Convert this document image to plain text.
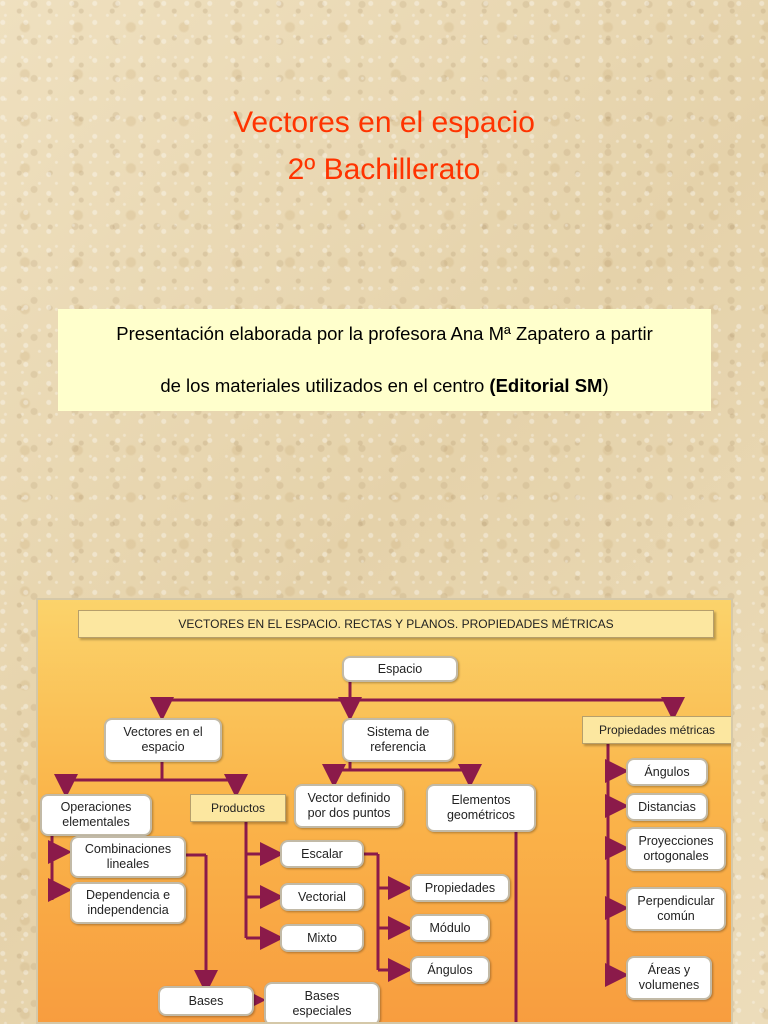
Vectores en el espacio
2º Bachillerato
Presentación elaborada por la profesora Ana Mª Zapatero a partir
de los materiales utilizados en el centro (Editorial SM)
VECTORES EN EL ESPACIO. RECTAS Y PLANOS. PROPIEDADES MÉTRICAS
Espacio
Vectores en el
espacio
Sistema de
referencia
Propiedades métricas
Operaciones
elementales
Productos
Vector definido
por dos puntos
Elementos
geométricos
Combinaciones
lineales
Dependencia e
independencia
Escalar
Vectorial
Mixto
Propiedades
Módulo
Ángulos
Bases	Bases
especiales
Ángulos
Distancias
Proyecciones
ortogonales
Perpendicular
común
Áreas y
volumenes
